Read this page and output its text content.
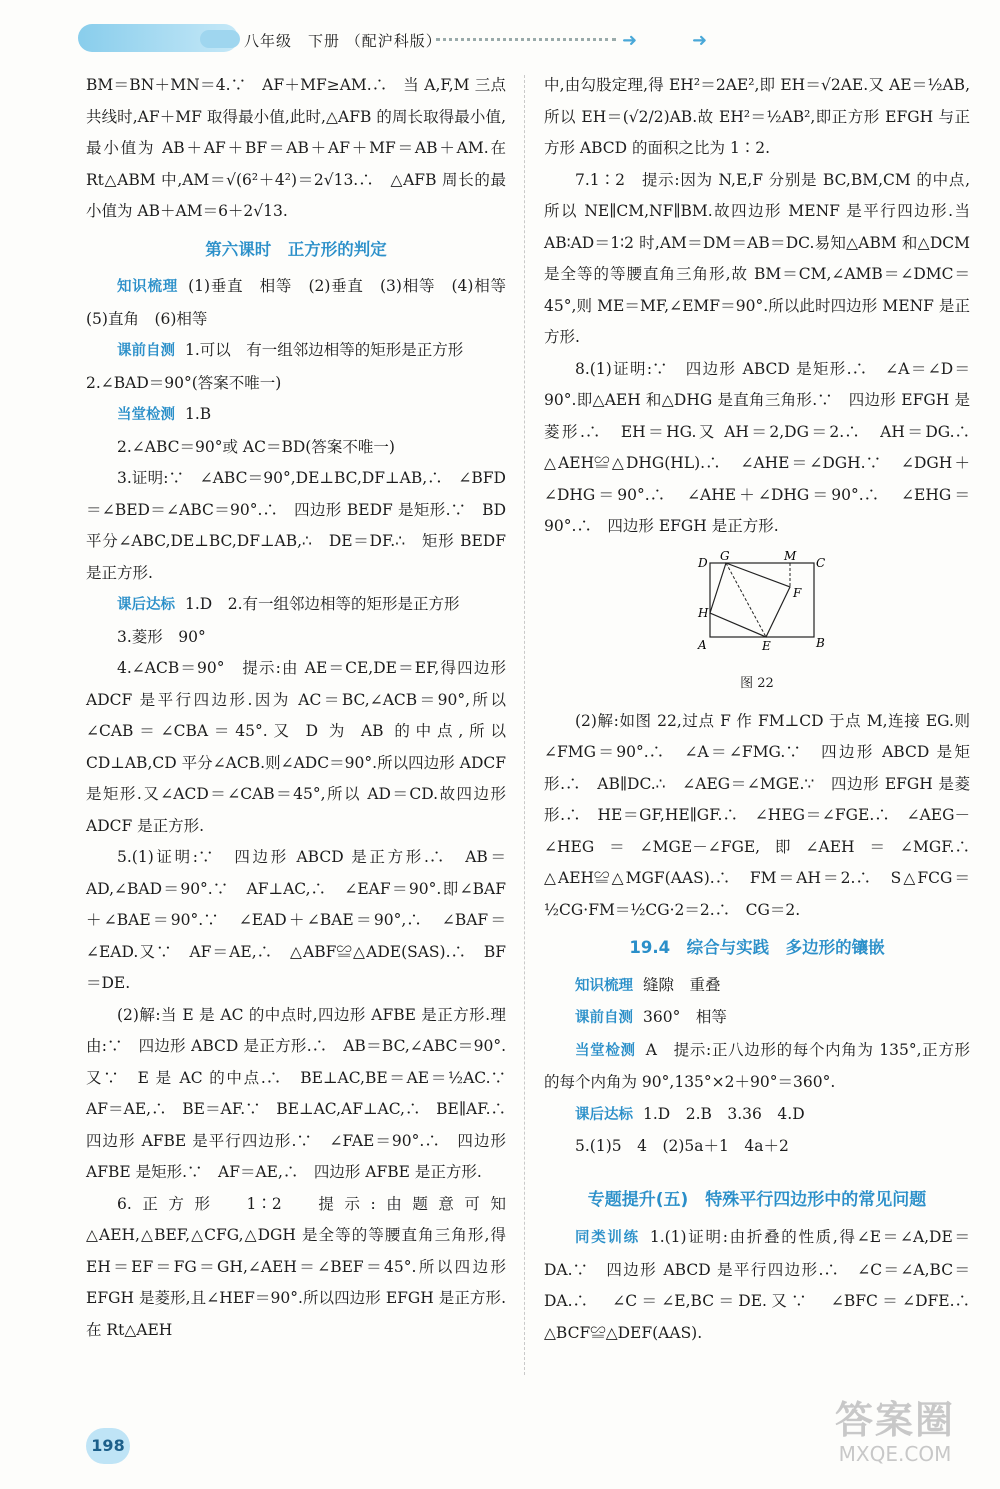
八年级　下册 （配沪科版）	➜	➜

BM＝BN＋MN＝4.∵　AF＋MF≥AM.∴　当 A,F,M 三点共线时,AF＋MF 取得最小值,此时,△AFB 的周长取得最小值,最小值为 AB＋AF＋BF＝AB＋AF＋MF＝AB＋AM.在 Rt△ABM 中,AM＝√(6²＋4²)＝2√13.∴　△AFB 周长的最小值为 AB＋AM＝6＋2√13.

第六课时　正方形的判定

知识梳理 (1)垂直　相等　(2)垂直　(3)相等　(4)相等　(5)直角　(6)相等

课前自测 1.可以　有一组邻边相等的矩形是正方形

2.∠BAD＝90°(答案不唯一)

当堂检测 1.B

2.∠ABC＝90°或 AC＝BD(答案不唯一)

3.证明:∵　∠ABC＝90°,DE⊥BC,DF⊥AB,∴　∠BFD＝∠BED＝∠ABC＝90°.∴　四边形 BEDF 是矩形.∵　BD 平分∠ABC,DE⊥BC,DF⊥AB,∴　DE＝DF.∴　矩形 BEDF 是正方形.

课后达标 1.D　2.有一组邻边相等的矩形是正方形

3.菱形　90°

4.∠ACB＝90°　提示:由 AE＝CE,DE＝EF,得四边形 ADCF 是平行四边形.因为 AC＝BC,∠ACB＝90°,所以∠CAB＝∠CBA＝45°.又 D 为 AB 的中点,所以 CD⊥AB,CD 平分∠ACB.则∠ADC＝90°.所以四边形 ADCF 是矩形.又∠ACD＝∠CAB＝45°,所以 AD＝CD.故四边形 ADCF 是正方形.

5.(1)证明:∵　四边形 ABCD 是正方形.∴　AB＝AD,∠BAD＝90°.∵　AF⊥AC,∴　∠EAF＝90°.即∠BAF＋∠BAE＝90°.∵　∠EAD＋∠BAE＝90°,∴　∠BAF＝∠EAD.又∵　AF＝AE,∴　△ABF≌△ADE(SAS).∴　BF＝DE.

(2)解:当 E 是 AC 的中点时,四边形 AFBE 是正方形.理由:∵　四边形 ABCD 是正方形.∴　AB＝BC,∠ABC＝90°.又∵　E 是 AC 的中点.∴　BE⊥AC,BE＝AE＝½AC.∵　AF＝AE,∴　BE＝AF.∵　BE⊥AC,AF⊥AC,∴　BE∥AF.∴　四边形 AFBE 是平行四边形.∵　∠FAE＝90°.∴　四边形 AFBE 是矩形.∵　AF＝AE,∴　四边形 AFBE 是正方形.

6.正方形　1∶2　提示:由题意可知△AEH,△BEF,△CFG,△DGH 是全等的等腰直角三角形,得 EH＝EF＝FG＝GH,∠AEH＝∠BEF＝45°.所以四边形 EFGH 是菱形,且∠HEF＝90°.所以四边形 EFGH 是正方形.在 Rt△AEH

中,由勾股定理,得 EH²＝2AE²,即 EH＝√2AE.又 AE＝½AB,所以 EH＝(√2/2)AB.故 EH²＝½AB²,即正方形 EFGH 与正方形 ABCD 的面积之比为 1∶2.

7.1∶2　提示:因为 N,E,F 分别是 BC,BM,CM 的中点,所以 NE∥CM,NF∥BM.故四边形 MENF 是平行四边形.当 AB∶AD＝1∶2 时,AM＝DM＝AB＝DC.易知△ABM 和△DCM 是全等的等腰直角三角形,故 BM＝CM,∠AMB＝∠DMC＝45°,则 ME＝MF,∠EMF＝90°.所以此时四边形 MENF 是正方形.

8.(1)证明:∵　四边形 ABCD 是矩形.∴　∠A＝∠D＝90°.即△AEH 和△DHG 是直角三角形.∵　四边形 EFGH 是菱形.∴　EH＝HG.又 AH＝2,DG＝2.∴　AH＝DG.∴　△AEH≌△DHG(HL).∴　∠AHE＝∠DGH.∵　∠DGH＋∠DHG＝90°.∴　∠AHE＋∠DHG＝90°.∴　∠EHG＝90°.∴　四边形 EFGH 是正方形.

D G	M C
F
H
A	E	B
图 22

(2)解:如图 22,过点 F 作 FM⊥CD 于点 M,连接 EG.则∠FMG＝90°.∴　∠A＝∠FMG.∵　四边形 ABCD 是矩形.∴　AB∥DC.∴　∠AEG＝∠MGE.∵　四边形 EFGH 是菱形.∴　HE＝GF,HE∥GF.∴　∠HEG＝∠FGE.∴　∠AEG－∠HEG＝∠MGE－∠FGE,即∠AEH＝∠MGF.∴　△AEH≌△MGF(AAS).∴　FM＝AH＝2.∴　S△FCG＝½CG·FM＝½CG·2＝2.∴　CG＝2.

19.4　综合与实践　多边形的镶嵌

知识梳理 缝隙　重叠

课前自测 360°　相等

当堂检测 A　提示:正八边形的每个内角为 135°,正方形的每个内角为 90°,135°×2＋90°＝360°.

课后达标 1.D　2.B　3.36　4.D

5.(1)5　4　(2)5a＋1　4a＋2

专题提升(五)　特殊平行四边形中的常见问题

同类训练 1.(1)证明:由折叠的性质,得∠E＝∠A,DE＝DA.∵　四边形 ABCD 是平行四边形.∴　∠C＝∠A,BC＝DA.∴　∠C＝∠E,BC＝DE.又∵　∠BFC＝∠DFE.∴　△BCF≌△DEF(AAS).

198
答案圈
MXQE.COM
